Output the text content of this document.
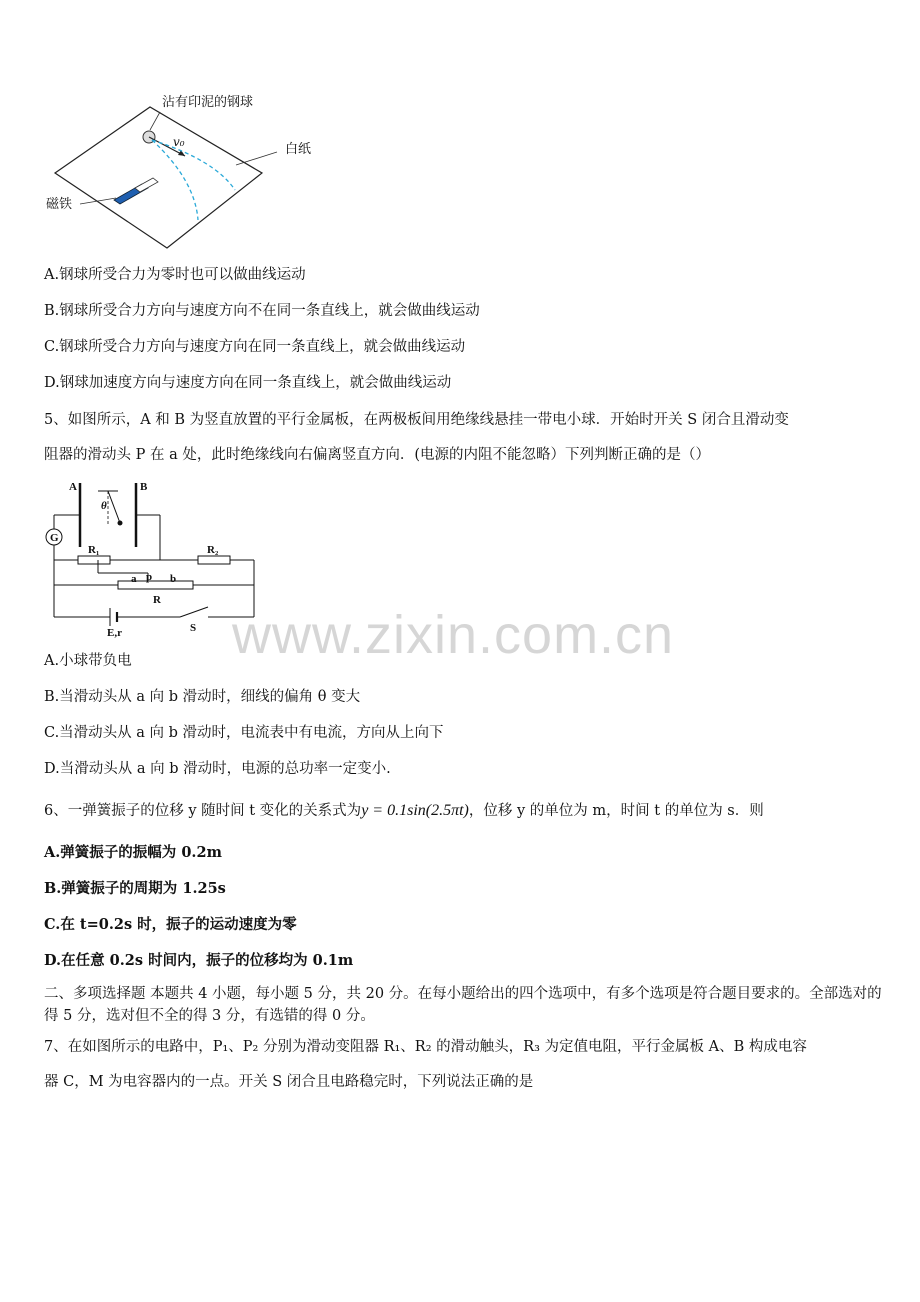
沾有印泥的钢球
白纸
磁铁
v₀
A.钢球所受合力为零时也可以做曲线运动
B.钢球所受合力方向与速度方向不在同一条直线上，就会做曲线运动
C.钢球所受合力方向与速度方向在同一条直线上，就会做曲线运动
D.钢球加速度方向与速度方向在同一条直线上，就会做曲线运动
5、如图所示，A 和 B 为竖直放置的平行金属板，在两极板间用绝缘线悬挂一带电小球．开始时开关 S 闭合且滑动变
阻器的滑动头 P 在 a 处，此时绝缘线向右偏离竖直方向．(电源的内阻不能忽略）下列判断正确的是（）
A	B
θ
G
R₁	R₂
a p b
R
E,r	S www.zixin.com.cn
A.小球带负电
B.当滑动头从 a 向 b 滑动时，细线的偏角 θ 变大
C.当滑动头从 a 向 b 滑动时，电流表中有电流，方向从上向下
D.当滑动头从 a 向 b 滑动时，电源的总功率一定变小.
6、一弹簧振子的位移 y 随时间 t 变化的关系式为y = 0.1sin(2.5πt)，位移 y 的单位为 m，时间 t 的单位为 s．则
A.弹簧振子的振幅为 0.2m
B.弹簧振子的周期为 1.25s
C.在 t=0.2s 时，振子的运动速度为零
D.在任意 0.2s 时间内，振子的位移均为 0.1m
二、多项选择题 本题共 4 小题，每小题 5 分，共 20 分。在每小题给出的四个选项中，有多个选项是符合题目要求的。全部选对的得 5 分，选对但不全的得 3 分，有选错的得 0 分。
7、在如图所示的电路中，P₁、P₂ 分别为滑动变阻器 R₁、R₂ 的滑动触头，R₃ 为定值电阻，平行金属板 A、B 构成电容
器 C，M 为电容器内的一点。开关 S 闭合且电路稳完时，下列说法正确的是
